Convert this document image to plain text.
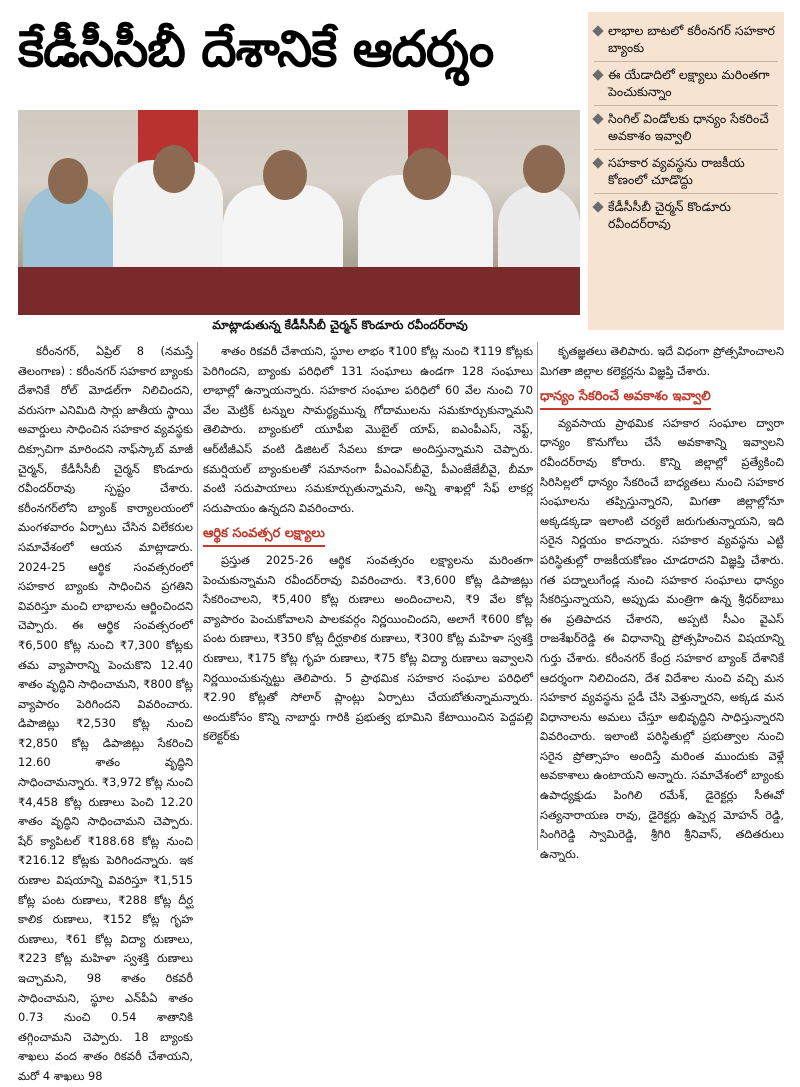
కేడీసీసీబీ దేశానికే ఆదర్శం	లాభాల బాటలో కరీంనగర్ సహకార బ్యాంకు
ఈ యేడాదిలో లక్ష్యాలు మరింతగా పెంచుకున్నాం
సింగిల్ విండోలకు ధాన్యం సేకరించే అవకాశం ఇవ్వాలి
సహకార వ్యవస్థను రాజకీయ కోణంలో చూడొద్దు
కేడీసీసీబీ చైర్మన్ కొండూరు రవీందర్‌రావు
మాట్లాడుతున్న కేడీసీసీబీ చైర్మన్ కొండూరు రవీందర్‌రావు

కరీంనగర్, ఏప్రిల్ 8 (నమస్తే తెలంగాణ) : కరీంనగర్ సహకార బ్యాంకు దేశానికే రోల్ మోడల్‌గా నిలిచిందని, వరుసగా ఎనిమిది సార్లు జాతీయ స్థాయి అవార్డులు సాధించిన సహకార వ్యవస్థకు దిక్సూచిగా మారిందని నాఫ్‌స్కాబ్ మాజీ చైర్మన్, కేడీసీసీబీ చైర్మన్ కొండూరు రవీందర్‌రావు స్పష్టం చేశారు. కరీంనగర్‌లోని బ్యాంక్ కార్యాలయంలో మంగళవారం ఏర్పాటు చేసిన విలేకరుల సమావేశంలో ఆయన మాట్లాడారు. 2024-25 ఆర్థిక సంవత్సరంలో సహకార బ్యాంకు సాధించిన ప్రగతిని వివరిస్తూ మంచి లాభాలను ఆర్జించిందని చెప్పారు. ఈ ఆర్థిక సంవత్సరంలో ₹6,500 కోట్ల నుంచి ₹7,300 కోట్లకు తమ వ్యాపారాన్ని పెంచుకొని 12.40 శాతం వృద్ధిని సాధించామని, ₹800 కోట్ల వ్యాపారం పెరిగిందని వివరించారు. డిపాజిట్లు ₹2,530 కోట్ల నుంచి ₹2,850 కోట్ల డిపాజిట్లు సేకరించి 12.60 శాతం వృద్ధిని సాధించామన్నారు. ₹3,972 కోట్ల నుంచి ₹4,458 కోట్ల రుణాలు పెంచి 12.20 శాతం వృద్ధిని సాధించామని చెప్పారు. షేర్ క్యాపిటల్ ₹188.68 కోట్ల నుంచి ₹216.12 కోట్లకు పెరిగిందన్నారు. ఇక రుణాల విషయాన్ని వివరిస్తూ ₹1,515 కోట్ల పంట రుణాలు, ₹288 కోట్ల దీర్ఘ కాలిక రుణాలు, ₹152 కోట్ల గృహ రుణాలు, ₹61 కోట్ల విద్యా రుణాలు, ₹223 కోట్ల మహిళా స్వశక్తి రుణాలు ఇచ్చామని, 98 శాతం రికవరీ సాధించామని, స్థూల ఎన్‌పీఏ శాతం 0.73 నుంచి 0.54 శాతానికి తగ్గించామని చెప్పారు. 18 బ్యాంకు శాఖలు వంద శాతం రికవరీ చేశాయని, మరో 4 శాఖలు 98

శాతం రికవరీ చేశాయని, స్థూల లాభం ₹100 కోట్ల నుంచి ₹119 కోట్లకు పెరిగిందని, బ్యాంకు పరిధిలో 131 సంఘాలు ఉండగా 128 సంఘాలు లాభాల్లో ఉన్నాయన్నారు. సహకార సంఘాల పరిధిలో 60 వేల నుంచి 70 వేల మెట్రిక్ టన్నుల సామర్థ్యమున్న గోదాములను సమకూర్చుకున్నామని తెలిపారు. బ్యాంకులో యూపీఐ మొబైల్ యాప్, ఐఎంపీఎస్, నెఫ్ట్, ఆర్‌టీజీఎస్ వంటి డిజిటల్ సేవలు కూడా అందిస్తున్నామని చెప్పారు. కమర్షియల్ బ్యాంకులతో సమానంగా పీఎంఎస్‌బీవై, పీఎంజేజేబీవై, బీమా వంటి సదుపాయాలు సమకూర్చుతున్నామని, అన్ని శాఖల్లో సేఫ్ లాకర్ల సదుపాయం ఉన్నదని వివరించారు.

ఆర్థిక సంవత్సర లక్ష్యాలు

ప్రస్తుత 2025-26 ఆర్థిక సంవత్సరం లక్ష్యాలను మరింతగా పెంచుకున్నామని రవీందర్‌రావు వివరించారు. ₹3,600 కోట్ల డిపాజిట్లు సేకరించాలని, ₹5,400 కోట్ల రుణాలు అందించాలని, ₹9 వేల కోట్ల వ్యాపారం పెంచుకోవాలని పాలకవర్గం నిర్ణయించిందని, అలాగే ₹600 కోట్ల పంట రుణాలు, ₹350 కోట్ల దీర్ఘకాలిక రుణాలు, ₹300 కోట్ల మహిళా స్వశక్తి రుణాలు, ₹175 కోట్ల గృహ రుణాలు, ₹75 కోట్ల విద్యా రుణాలు ఇవ్వాలని నిర్ణయించుకున్నట్టు తెలిపారు. 5 ప్రాథమిక సహకార సంఘాల పరిధిలో ₹2.90 కోట్లతో సోలార్ ప్లాంట్లు ఏర్పాటు చేయబోతున్నామన్నారు. అందుకోసం కొన్ని నాబార్డు గారికి ప్రభుత్వ భూమిని కేటాయించిన పెద్దపల్లి కలెక్టర్‌కు

కృతజ్ఞతలు తెలిపారు. ఇదే విధంగా ప్రోత్సహించాలని మిగతా జిల్లాల కలెక్టర్లను విజ్ఞప్తి చేశారు.

ధాన్యం సేకరించే అవకాశం ఇవ్వాలి

వ్యవసాయ ప్రాథమిక సహకార సంఘాల ద్వారా ధాన్యం కొనుగోలు చేసే అవకాశాన్ని ఇవ్వాలని రవీందర్‌రావు కోరారు. కొన్ని జిల్లాల్లో ప్రత్యేకించి సిరిసిల్లలో ధాన్యం సేకరించే బాధ్యతలు నుంచి సహకార సంఘాలను తప్పిస్తున్నారని, మిగతా జిల్లాల్లోనూ అక్కడక్కడా ఇలాంటి చర్యలే జరుగుతున్నాయని, ఇది సరైన నిర్ణయం కాదన్నారు. సహకార వ్యవస్థను ఎట్టి పరిస్థితుల్లో రాజకీయకోణం చూడరాదని విజ్ఞప్తి చేశారు. గత పద్నాలుగేండ్ల నుంచి సహకార సంఘాలు ధాన్యం సేకరిస్తున్నాయని, అప్పుడు మంత్రిగా ఉన్న శ్రీధర్‌బాబు ఈ ప్రతిపాదన చేశారని, అప్పటి సీఎం వైఎస్ రాజశేఖర్‌రెడ్డి ఈ విధానాన్ని ప్రోత్సహించిన విషయాన్ని గుర్తు చేశారు. కరీంనగర్ కేంద్ర సహకార బ్యాంక్ దేశానికే ఆదర్శంగా నిలిచిందని, దేశ విదేశాల నుంచి వచ్చి మన సహకార వ్యవస్థను స్టడీ చేసి వెళ్తున్నారని, అక్కడ మన విధానాలను అమలు చేస్తూ అభివృద్ధిని సాధిస్తున్నారని వివరించారు. ఇలాంటి పరిస్థితుల్లో ప్రభుత్వాల నుంచి సరైన ప్రోత్సాహం అందిస్తే మరింత ముందుకు వెళ్లే అవకాశాలు ఉంటాయని అన్నారు. సమావేశంలో బ్యాంకు ఉపాధ్యక్షుడు పింగిలి రమేశ్, డైరెక్టర్లు సీఈవో సత్యనారాయణ రావు, డైరెక్టర్లు ఉప్పెర్ల మోహన్ రెడ్డి, సింగిరెడ్డి స్వామిరెడ్డి, శ్రీగిరి శ్రీనివాస్, తదితరులు ఉన్నారు.
